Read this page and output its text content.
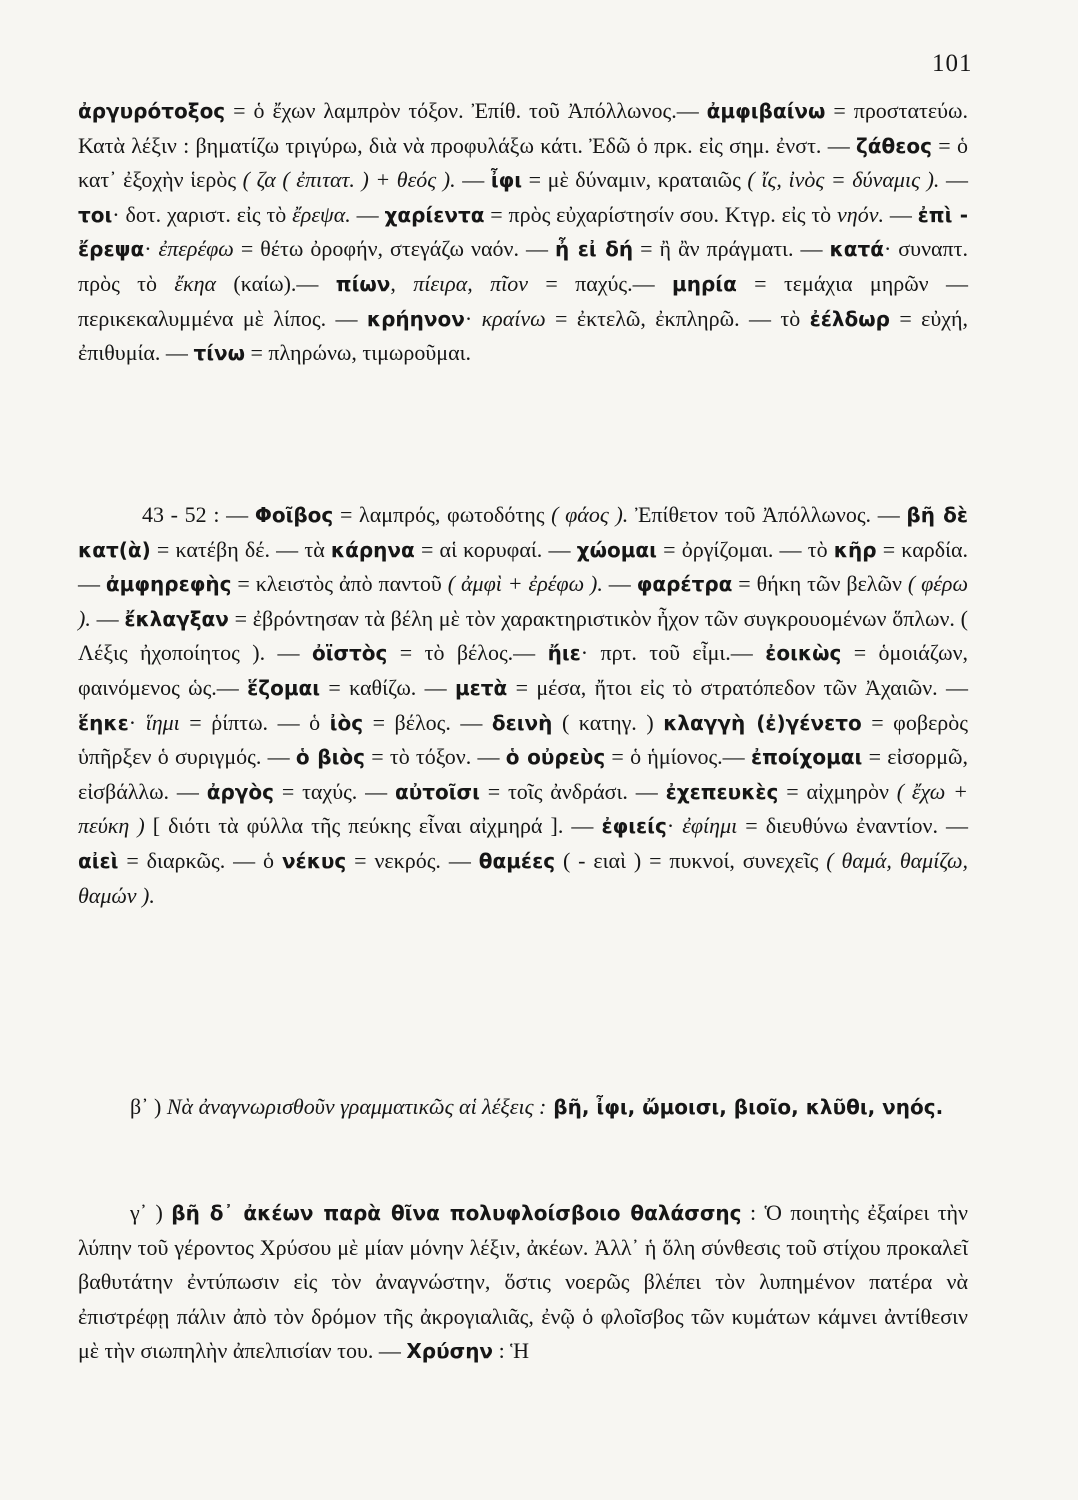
101
ἀργυρότοξος = ὁ ἔχων λαμπρὸν τόξον. Ἐπίθ. τοῦ Ἀπόλλωνος.— ἀμφιβαίνω = προστατεύω. Κατὰ λέξιν : βηματίζω τριγύρω, διὰ νὰ προφυλάξω κάτι. Ἐδῶ ὁ πρκ. εἰς σημ. ἐνστ. — ζάθεος = ὁ κατ᾽ ἐξοχὴν ἱερὸς ( ζα ( ἐπιτατ. ) + θεός ). — ἶφι = μὲ δύναμιν, κραταιῶς ( ἴς, ἰνὸς = δύναμις ). — τοι· δοτ. χαριστ. εἰς τὸ ἔρεψα. — χαρίεντα = πρὸς εὐχαρίστησίν σου. Κτγρ. εἰς τὸ νηόν. — ἐπὶ - ἔρεψα· ἐπερέφω = θέτω ὀροφήν, στεγάζω ναόν. — ἦ εἰ δή = ἢ ἂν πράγματι. — κατά· συναπτ. πρὸς τὸ ἔκηα (καίω).— πίων, πίειρα, πῖον = παχύς.— μηρία = τεμάχια μηρῶν — περικεκαλυμμένα μὲ λίπος. — κρήηνον· κραίνω = ἐκτελῶ, ἐκπληρῶ. — τὸ ἐέλδωρ = εὐχή, ἐπιθυμία. — τίνω = πληρώνω, τιμωροῦμαι.
43 - 52 : — Φοῖβος = λαμπρός, φωτοδότης ( φάος ). Ἐπίθετον τοῦ Ἀπόλλωνος. — βῆ δὲ κατ(ὰ) = κατέβη δέ. — τὰ κάρηνα = αἱ κορυφαί. — χώομαι = ὀργίζομαι. — τὸ κῆρ = καρδία. — ἀμφηρεφὴς = κλειστὸς ἀπὸ παντοῦ ( ἀμφὶ + ἐρέφω ). — φαρέτρα = θήκη τῶν βελῶν ( φέρω ). — ἔκλαγξαν = ἐβρόντησαν τὰ βέλη μὲ τὸν χαρακτηριστικὸν ἦχον τῶν συγκρουομένων ὅπλων. ( Λέξις ἠχοποίητος ). — ὀϊστὸς = τὸ βέλος.— ἤιε· πρτ. τοῦ εἶμι.— ἐοικὼς = ὁμοιάζων, φαινόμενος ὡς.— ἕζομαι = καθίζω. — μετὰ = μέσα, ἤτοι εἰς τὸ στρατόπεδον τῶν Ἀχαιῶν. — ἕηκε· ἵημι = ῥίπτω. — ὁ ἰὸς = βέλος. — δεινὴ ( κατηγ. ) κλαγγὴ (ἐ)γένετο = φοβερὸς ὑπῆρξεν ὁ συριγμός. — ὁ βιὸς = τὸ τόξον. — ὁ οὐρεὺς = ὁ ἡμίονος.— ἐποίχομαι = εἰσορμῶ, εἰσβάλλω. — ἀργὸς = ταχύς. — αὐτοῖσι = τοῖς ἀνδράσι. — ἐχεπευκὲς = αἰχμηρὸν ( ἔχω + πεύκη ) [ διότι τὰ φύλλα τῆς πεύκης εἶναι αἰχμηρά ]. — ἐφιείς· ἐφίημι = διευθύνω ἐναντίον. — αἰεὶ = διαρκῶς. — ὁ νέκυς = νεκρός. — θαμέες ( - ειαὶ ) = πυκνοί, συνεχεῖς ( θαμά, θαμίζω, θαμών ).
β᾽ ) Νὰ ἀναγνωρισθοῦν γραμματικῶς αἱ λέξεις : βῆ, ἶφι, ὤμοισι, βιοῖο, κλῦθι, νηός.
γ᾽ ) βῆ δ᾽ ἀκέων παρὰ θῖνα πολυφλοίσβοιο θαλάσσης : Ὁ ποιητὴς ἐξαίρει τὴν λύπην τοῦ γέροντος Χρύσου μὲ μίαν μόνην λέξιν, ἀκέων. Ἀλλ᾽ ἡ ὅλη σύνθεσις τοῦ στίχου προκαλεῖ βαθυτάτην ἐντύπωσιν εἰς τὸν ἀναγνώστην, ὅστις νοερῶς βλέπει τὸν λυπημένον πατέρα νὰ ἐπιστρέφῃ πάλιν ἀπὸ τὸν δρόμον τῆς ἀκρογιαλιᾶς, ἐνῷ ὁ φλοῖσβος τῶν κυμάτων κάμνει ἀντίθεσιν μὲ τὴν σιωπηλὴν ἀπελπισίαν του. — Χρύσην : Ἡ
